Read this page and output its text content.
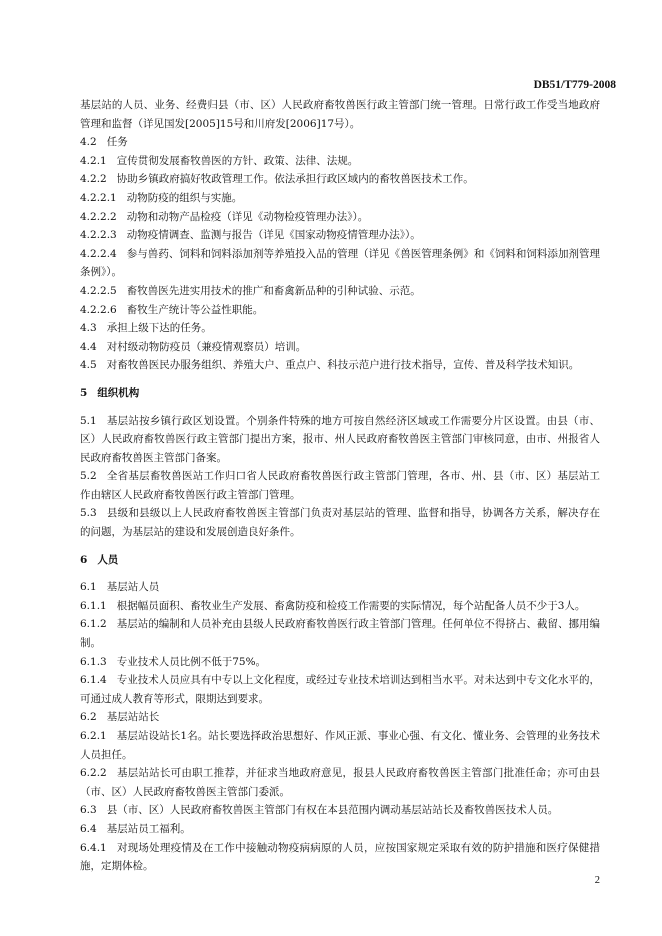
DB51/T779-2008
基层站的人员、业务、经费归县（市、区）人民政府畜牧兽医行政主管部门统一管理。日常行政工作受当地政府管理和监督（详见国发[2005]15号和川府发[2006]17号）。
4.2 任务
4.2.1 宣传贯彻发展畜牧兽医的方针、政策、法律、法规。
4.2.2 协助乡镇政府搞好牧政管理工作。依法承担行政区域内的畜牧兽医技术工作。
4.2.2.1 动物防疫的组织与实施。
4.2.2.2 动物和动物产品检疫（详见《动物检疫管理办法》）。
4.2.2.3 动物疫情调查、监测与报告（详见《国家动物疫情管理办法》）。
4.2.2.4 参与兽药、饲料和饲料添加剂等养殖投入品的管理（详见《兽医管理条例》和《饲料和饲料添加剂管理条例》）。
4.2.2.5 畜牧兽医先进实用技术的推广和畜禽新品种的引种试验、示范。
4.2.2.6 畜牧生产统计等公益性职能。
4.3 承担上级下达的任务。
4.4 对村级动物防疫员（兼疫情观察员）培训。
4.5 对畜牧兽医民办服务组织、养殖大户、重点户、科技示范户进行技术指导，宣传、普及科学技术知识。
5 组织机构
5.1 基层站按乡镇行政区划设置。个别条件特殊的地方可按自然经济区域或工作需要分片区设置。由县（市、区）人民政府畜牧兽医行政主管部门提出方案，报市、州人民政府畜牧兽医主管部门审核同意，由市、州报省人民政府畜牧兽医主管部门备案。
5.2 全省基层畜牧兽医站工作归口省人民政府畜牧兽医行政主管部门管理，各市、州、县（市、区）基层站工作由辖区人民政府畜牧兽医行政主管部门管理。
5.3 县级和县级以上人民政府畜牧兽医主管部门负责对基层站的管理、监督和指导，协调各方关系，解决存在的问题，为基层站的建设和发展创造良好条件。
6 人员
6.1 基层站人员
6.1.1 根据幅员面积、畜牧业生产发展、畜禽防疫和检疫工作需要的实际情况，每个站配备人员不少于3人。
6.1.2 基层站的编制和人员补充由县级人民政府畜牧兽医行政主管部门管理。任何单位不得挤占、截留、挪用编制。
6.1.3 专业技术人员比例不低于75%。
6.1.4 专业技术人员应具有中专以上文化程度，或经过专业技术培训达到相当水平。对未达到中专文化水平的，可通过成人教育等形式，限期达到要求。
6.2 基层站站长
6.2.1 基层站设站长1名。站长要选择政治思想好、作风正派、事业心强、有文化、懂业务、会管理的业务技术人员担任。
6.2.2 基层站站长可由职工推荐，并征求当地政府意见，报县人民政府畜牧兽医主管部门批准任命；亦可由县（市、区）人民政府畜牧兽医主管部门委派。
6.3 县（市、区）人民政府畜牧兽医主管部门有权在本县范围内调动基层站站长及畜牧兽医技术人员。
6.4 基层站员工福利。
6.4.1 对现场处理疫情及在工作中接触动物疫病病原的人员，应按国家规定采取有效的防护措施和医疗保健措施，定期体检。
2
